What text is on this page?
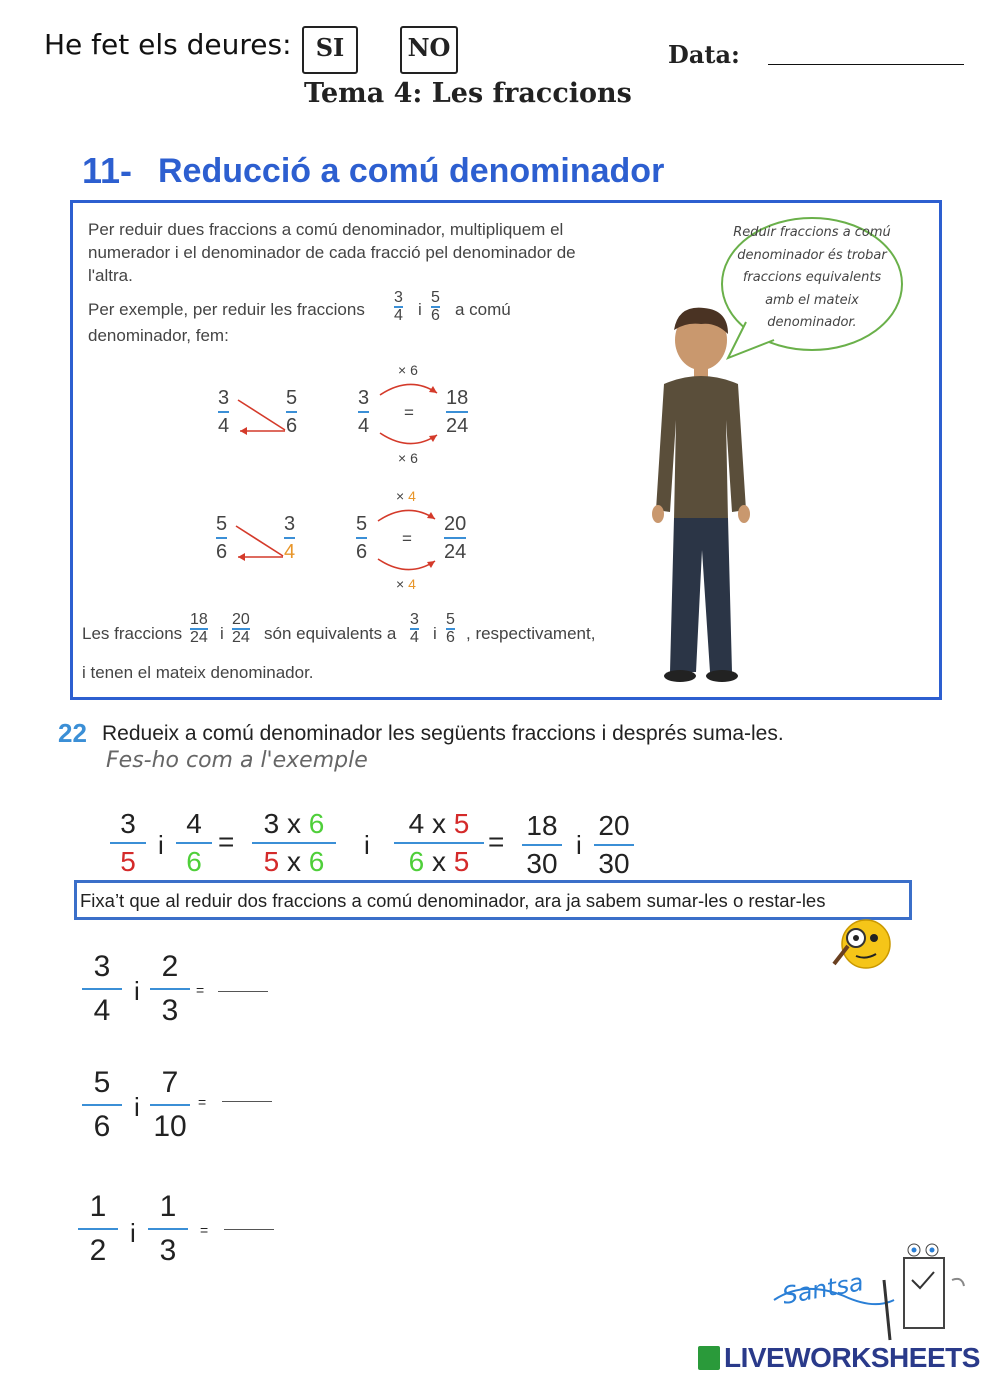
He fet els deures:	SI	NO	Data:
Tema 4: Les fraccions
11- Reducció a comú denominador
Per reduir dues fraccions a comú denominador, multipliquem el numerador i el denominador de cada fracció pel denominador de l'altra.
Per exemple, per reduir les fraccions
3
4 i
5
6 a comú
denominador, fem:
3
4
5
6
3
4
=
18
24
× 6
× 6
5
6
3
4
5
6
=
20
24
× 4
× 4
Les fraccions
18
24 i
20
24 són equivalents a
3
4 i
5
6 , respectivament,
i tenen el mateix denominador.
Reduir fraccions a comú denominador és trobar fraccions equivalents amb el mateix denominador.
22 Redueix a comú denominador les següents fraccions i després suma-les.
Fes-ho com a l'exemple
3
5
i
4
6
=
3 x 6
5 x 6
i
4 x 5
6 x 5
=
18
30
i
20
30
Fixa’t que al reduir dos fraccions a comú denominador, ara ja sabem sumar-les o restar-les
3
4
i
2
3
=
5
6
i
7
10
=
1
2
i
1
3
=
Santsa
LIVEWORKSHEETS
